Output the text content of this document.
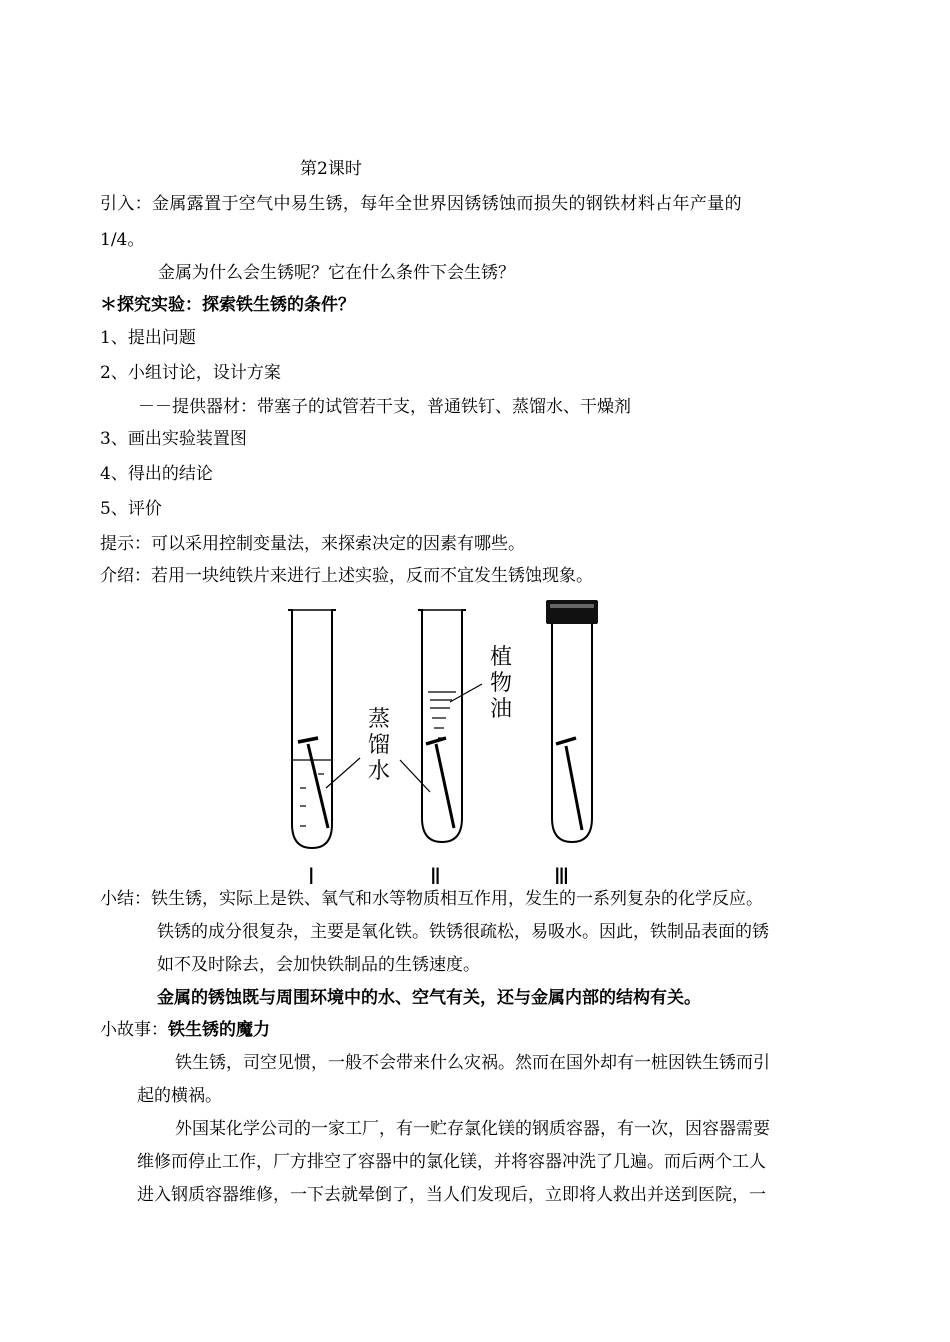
第2课时
引入：金属露置于空气中易生锈，每年全世界因锈锈蚀而损失的钢铁材料占年产量的
1/4。
金属为什么会生锈呢？它在什么条件下会生锈？
＊探究实验：探索铁生锈的条件？
1、提出问题
2、小组讨论，设计方案
－－提供器材：带塞子的试管若干支，普通铁钉、蒸馏水、干燥剂
3、画出实验装置图
4、得出的结论
5、评价
提示：可以采用控制变量法，来探索决定的因素有哪些。
介绍：若用一块纯铁片来进行上述实验，反而不宜发生锈蚀现象。
植物油
蒸馏水
Ⅰ	Ⅱ	Ⅲ
小结：铁生锈，实际上是铁、氧气和水等物质相互作用，发生的一系列复杂的化学反应。
铁锈的成分很复杂，主要是氧化铁。铁锈很疏松，易吸水。因此，铁制品表面的锈
如不及时除去，会加快铁制品的生锈速度。
金属的锈蚀既与周围环境中的水、空气有关，还与金属内部的结构有关。
小故事：铁生锈的魔力
铁生锈，司空见惯，一般不会带来什么灾祸。然而在国外却有一桩因铁生锈而引
起的横祸。
外国某化学公司的一家工厂，有一贮存氯化镁的钢质容器，有一次，因容器需要
维修而停止工作，厂方排空了容器中的氯化镁，并将容器冲洗了几遍。而后两个工人
进入钢质容器维修，一下去就晕倒了，当人们发现后，立即将人救出并送到医院，一
